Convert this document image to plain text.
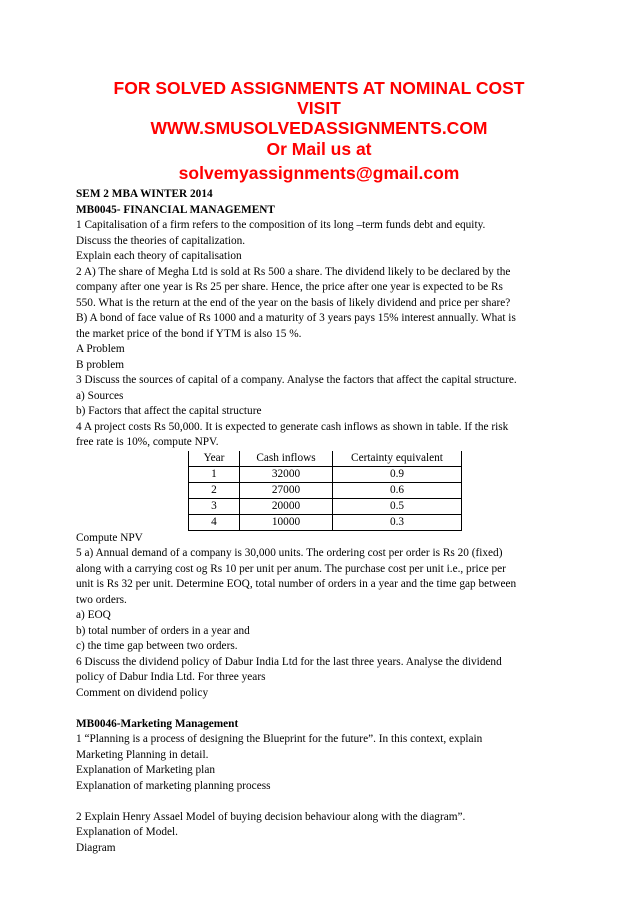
FOR SOLVED ASSIGNMENTS AT NOMINAL COST
VISIT
WWW.SMUSOLVEDASSIGNMENTS.COM
Or Mail us at
solvemyassignments@gmail.com
SEM 2 MBA WINTER 2014
MB0045- FINANCIAL MANAGEMENT
1 Capitalisation of a firm refers to the composition of its long –term funds debt and equity.
Discuss the theories of capitalization.
Explain each theory of capitalisation
2 A) The share of Megha Ltd is sold at Rs 500 a share. The dividend likely to be declared by the
company after one year is Rs 25 per share. Hence, the price after one year is expected to be Rs
550. What is the return at the end of the year on the basis of likely dividend and price per share?
B) A bond of face value of Rs 1000 and a maturity of 3 years pays 15% interest annually. What is
the market price of the bond if YTM is also 15 %.
A Problem
B problem
3 Discuss the sources of capital of a company. Analyse the factors that affect the capital structure.
a) Sources
b) Factors that affect the capital structure
4 A project costs Rs 50,000. It is expected to generate cash inflows as shown in table. If the risk
free rate is 10%, compute NPV.
Year	Cash inflows	Certainty equivalent
1	32000	0.9
2	27000	0.6
3	20000	0.5
4	10000	0.3
Compute NPV
5 a) Annual demand of a company is 30,000 units. The ordering cost per order is Rs 20 (fixed)
along with a carrying cost og Rs 10 per unit per anum. The purchase cost per unit i.e., price per
unit is Rs 32 per unit. Determine EOQ, total number of orders in a year and the time gap between
two orders.
a) EOQ
b) total number of orders in a year and
c) the time gap between two orders.
6 Discuss the dividend policy of Dabur India Ltd for the last three years. Analyse the dividend
policy of Dabur India Ltd. For three years
Comment on dividend policy
MB0046-Marketing Management
1 “Planning is a process of designing the Blueprint for the future”. In this context, explain
Marketing Planning in detail.
Explanation of Marketing plan
Explanation of marketing planning process
2 Explain Henry Assael Model of buying decision behaviour along with the diagram”.
Explanation of Model.
Diagram
